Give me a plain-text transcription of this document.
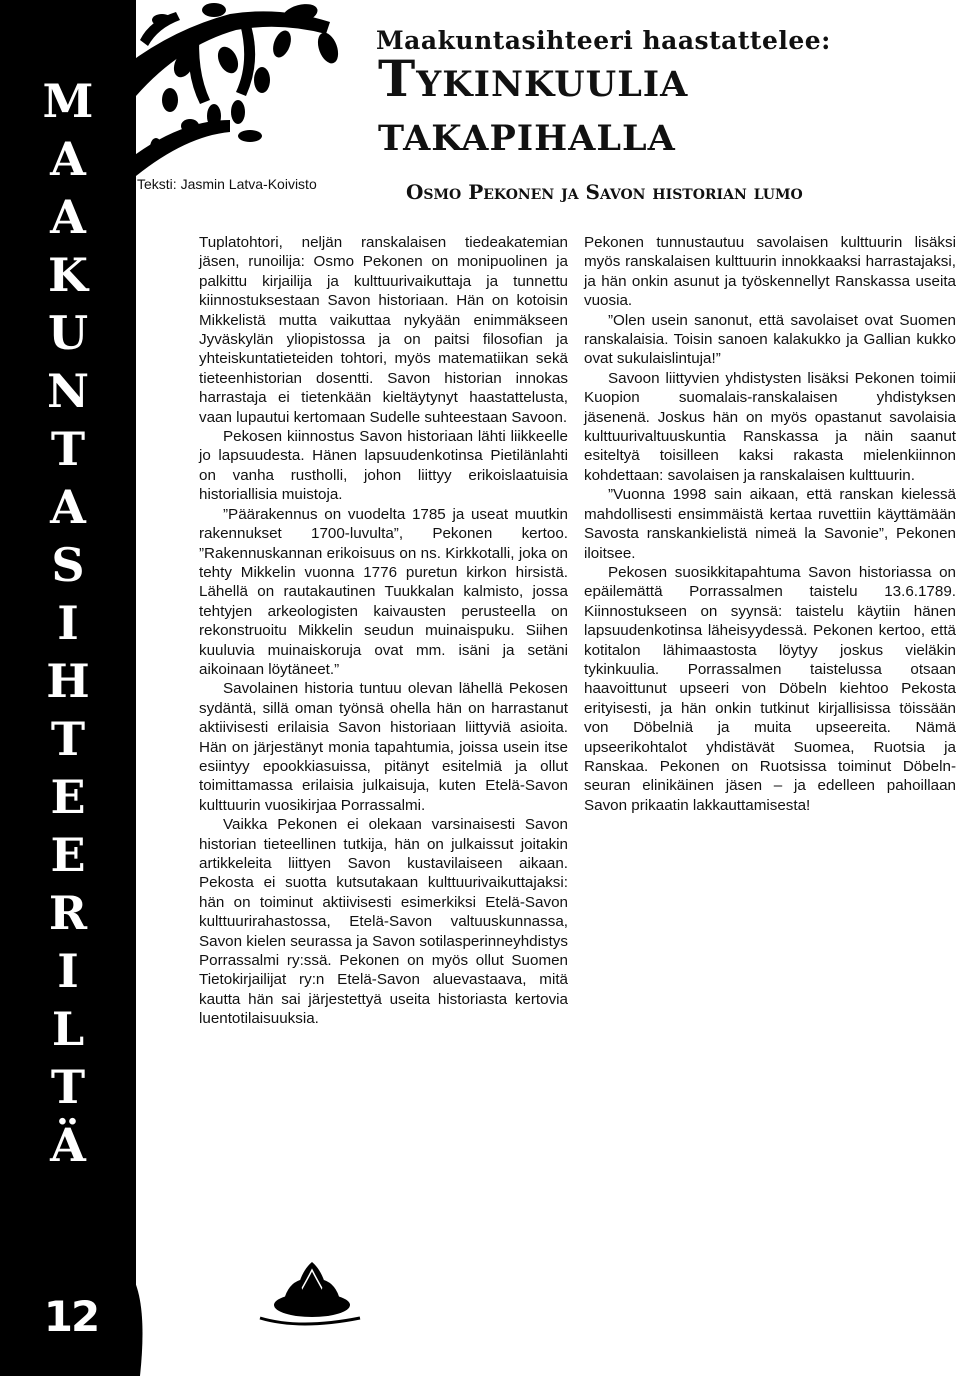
M
A
A
K
U
N
T
A
S
I
H
T
E
E
R
I
L
T
Ä
12
Maakuntasihteeri haastattelee:
Tykinkuulia
takapihalla
Osmo Pekonen ja Savon historian lumo
Teksti: Jasmin Latva-Koivisto

Tuplatohtori, neljän ranskalaisen tiedeakatemian jäsen, runoilija: Osmo Pekonen on monipuolinen ja palkittu kirjailija ja kulttuurivaikuttaja ja tunnettu kiinnostuksestaan Savon historiaan. Hän on kotoisin Mikkelistä mutta vaikuttaa nykyään enimmäkseen Jyväskylän yliopistossa ja on paitsi filosofian ja yhteiskuntatieteiden tohtori, myös matematiikan sekä tieteenhistorian dosentti. Savon historian innokas harrastaja ei tietenkään kieltäytynyt haastattelusta, vaan lupautui kertomaan Sudelle suhteestaan Savoon.

Pekosen kiinnostus Savon historiaan lähti liikkeelle jo lapsuudesta. Hänen lapsuudenkotinsa Pietilänlahti on vanha rustholli, johon liittyy erikoislaatuisia historiallisia muistoja.

”Päärakennus on vuodelta 1785 ja useat muutkin rakennukset 1700-luvulta”, Pekonen kertoo. ”Rakennuskannan erikoisuus on ns. Kirkkotalli, joka on tehty Mikkelin vuonna 1776 puretun kirkon hirsistä. Lähellä on rautakautinen Tuukkalan kalmisto, jossa tehtyjen arkeologisten kaivausten perusteella on rekonstruoitu Mikkelin seudun muinaispuku. Siihen kuuluvia muinaiskoruja ovat mm. isäni ja setäni aikoinaan löytäneet.”

Savolainen historia tuntuu olevan lähellä Pekosen sydäntä, sillä oman työnsä ohella hän on harrastanut aktiivisesti erilaisia Savon historiaan liittyviä asioita. Hän on järjestänyt monia tapahtumia, joissa usein itse esiintyy epookkiasuissa, pitänyt esitelmiä ja ollut toimittamassa erilaisia julkaisuja, kuten Etelä-Savon kulttuurin vuosikirjaa Porrassalmi.

Vaikka Pekonen ei olekaan varsinaisesti Savon historian tieteellinen tutkija, hän on julkaissut joitakin artikkeleita liittyen Savon kustavilaiseen aikaan. Pekosta ei suotta kutsutakaan kulttuurivaikuttajaksi: hän on toiminut aktiivisesti esimerkiksi Etelä-Savon kulttuurirahastossa, Etelä-Savon valtuuskunnassa, Savon kielen seurassa ja Savon sotilasperinneyhdistys Porrassalmi ry:ssä. Pekonen on myös ollut Suomen Tietokirjailijat ry:n Etelä-Savon aluevastaava, mitä kautta hän sai järjestettyä useita historiasta kertovia luentotilaisuuksia.

Pekonen tunnustautuu savolaisen kulttuurin lisäksi myös ranskalaisen kulttuurin innokkaaksi harrastajaksi, ja hän onkin asunut ja työskennellyt Ranskassa useita vuosia.

”Olen usein sanonut, että savolaiset ovat Suomen ranskalaisia. Toisin sanoen kalakukko ja Gallian kukko ovat sukulaislintuja!”

Savoon liittyvien yhdistysten lisäksi Pekonen toimii Kuopion suomalais-ranskalaisen yhdistyksen jäsenenä. Joskus hän on myös opastanut savolaisia kulttuurivaltuuskuntia Ranskassa ja näin saanut esiteltyä toisilleen kaksi rakasta mielenkiinnon kohdettaan: savolaisen ja ranskalaisen kulttuurin.

”Vuonna 1998 sain aikaan, että ranskan kielessä mahdollisesti ensimmäistä kertaa ruvettiin käyttämään Savosta ranskankielistä nimeä la Savonie”, Pekonen iloitsee.

Pekosen suosikkitapahtuma Savon historiassa on epäilemättä Porrassalmen taistelu 13.6.1789. Kiinnostukseen on syynsä: taistelu käytiin hänen lapsuudenkotinsa läheisyydessä. Pekonen kertoo, että kotitalon lähimaastosta löytyy joskus vieläkin tykinkuulia. Porrassalmen taistelussa otsaan haavoittunut upseeri von Döbeln kiehtoo Pekosta erityisesti, ja hän onkin tutkinut kirjallisissa töissään von Döbelniä ja muita upseereita. Nämä upseerikohtalot yhdistävät Suomea, Ruotsia ja Ranskaa. Pekonen on Ruotsissa toiminut Döbeln-seuran elinikäinen jäsen – ja edelleen pahoillaan Savon prikaatin lakkauttamisesta!
